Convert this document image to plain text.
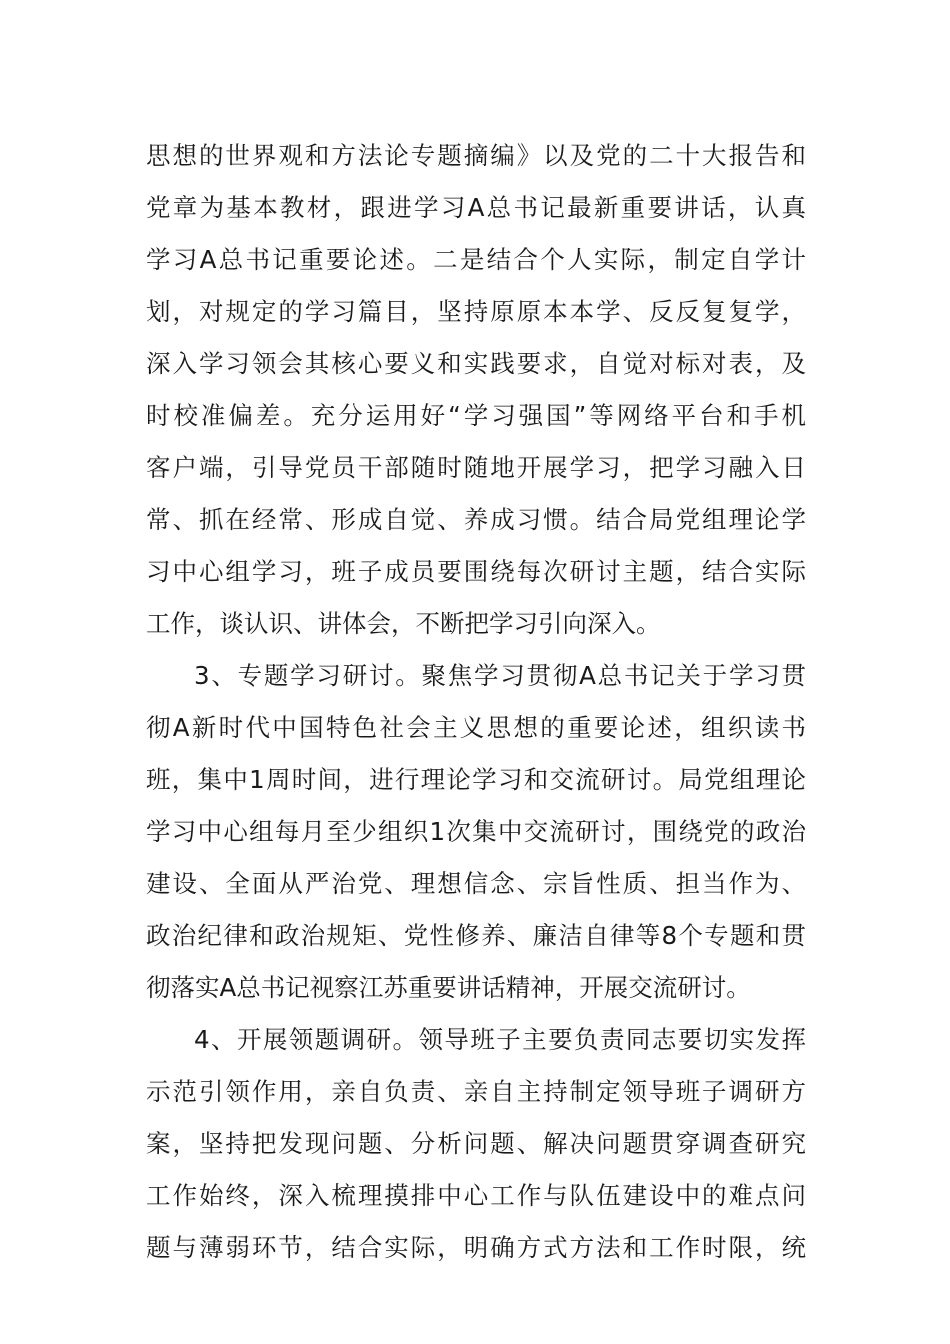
思想的世界观和方法论专题摘编》以及党的二十大报告和
党章为基本教材，跟进学习A总书记最新重要讲话，认真
学习A总书记重要论述。二是结合个人实际，制定自学计
划，对规定的学习篇目，坚持原原本本学、反反复复学，
深入学习领会其核心要义和实践要求，自觉对标对表，及
时校准偏差。充分运用好“学习强国”等网络平台和手机
客户端，引导党员干部随时随地开展学习，把学习融入日
常、抓在经常、形成自觉、养成习惯。结合局党组理论学
习中心组学习，班子成员要围绕每次研讨主题，结合实际
工作，谈认识、讲体会，不断把学习引向深入。
3、专题学习研讨。聚焦学习贯彻A总书记关于学习贯
彻A新时代中国特色社会主义思想的重要论述，组织读书
班，集中1周时间，进行理论学习和交流研讨。局党组理论
学习中心组每月至少组织1次集中交流研讨，围绕党的政治
建设、全面从严治党、理想信念、宗旨性质、担当作为、
政治纪律和政治规矩、党性修养、廉洁自律等8个专题和贯
彻落实A总书记视察江苏重要讲话精神，开展交流研讨。
4、开展领题调研。领导班子主要负责同志要切实发挥
示范引领作用，亲自负责、亲自主持制定领导班子调研方
案，坚持把发现问题、分析问题、解决问题贯穿调查研究
工作始终，深入梳理摸排中心工作与队伍建设中的难点问
题与薄弱环节，结合实际，明确方式方法和工作时限，统
